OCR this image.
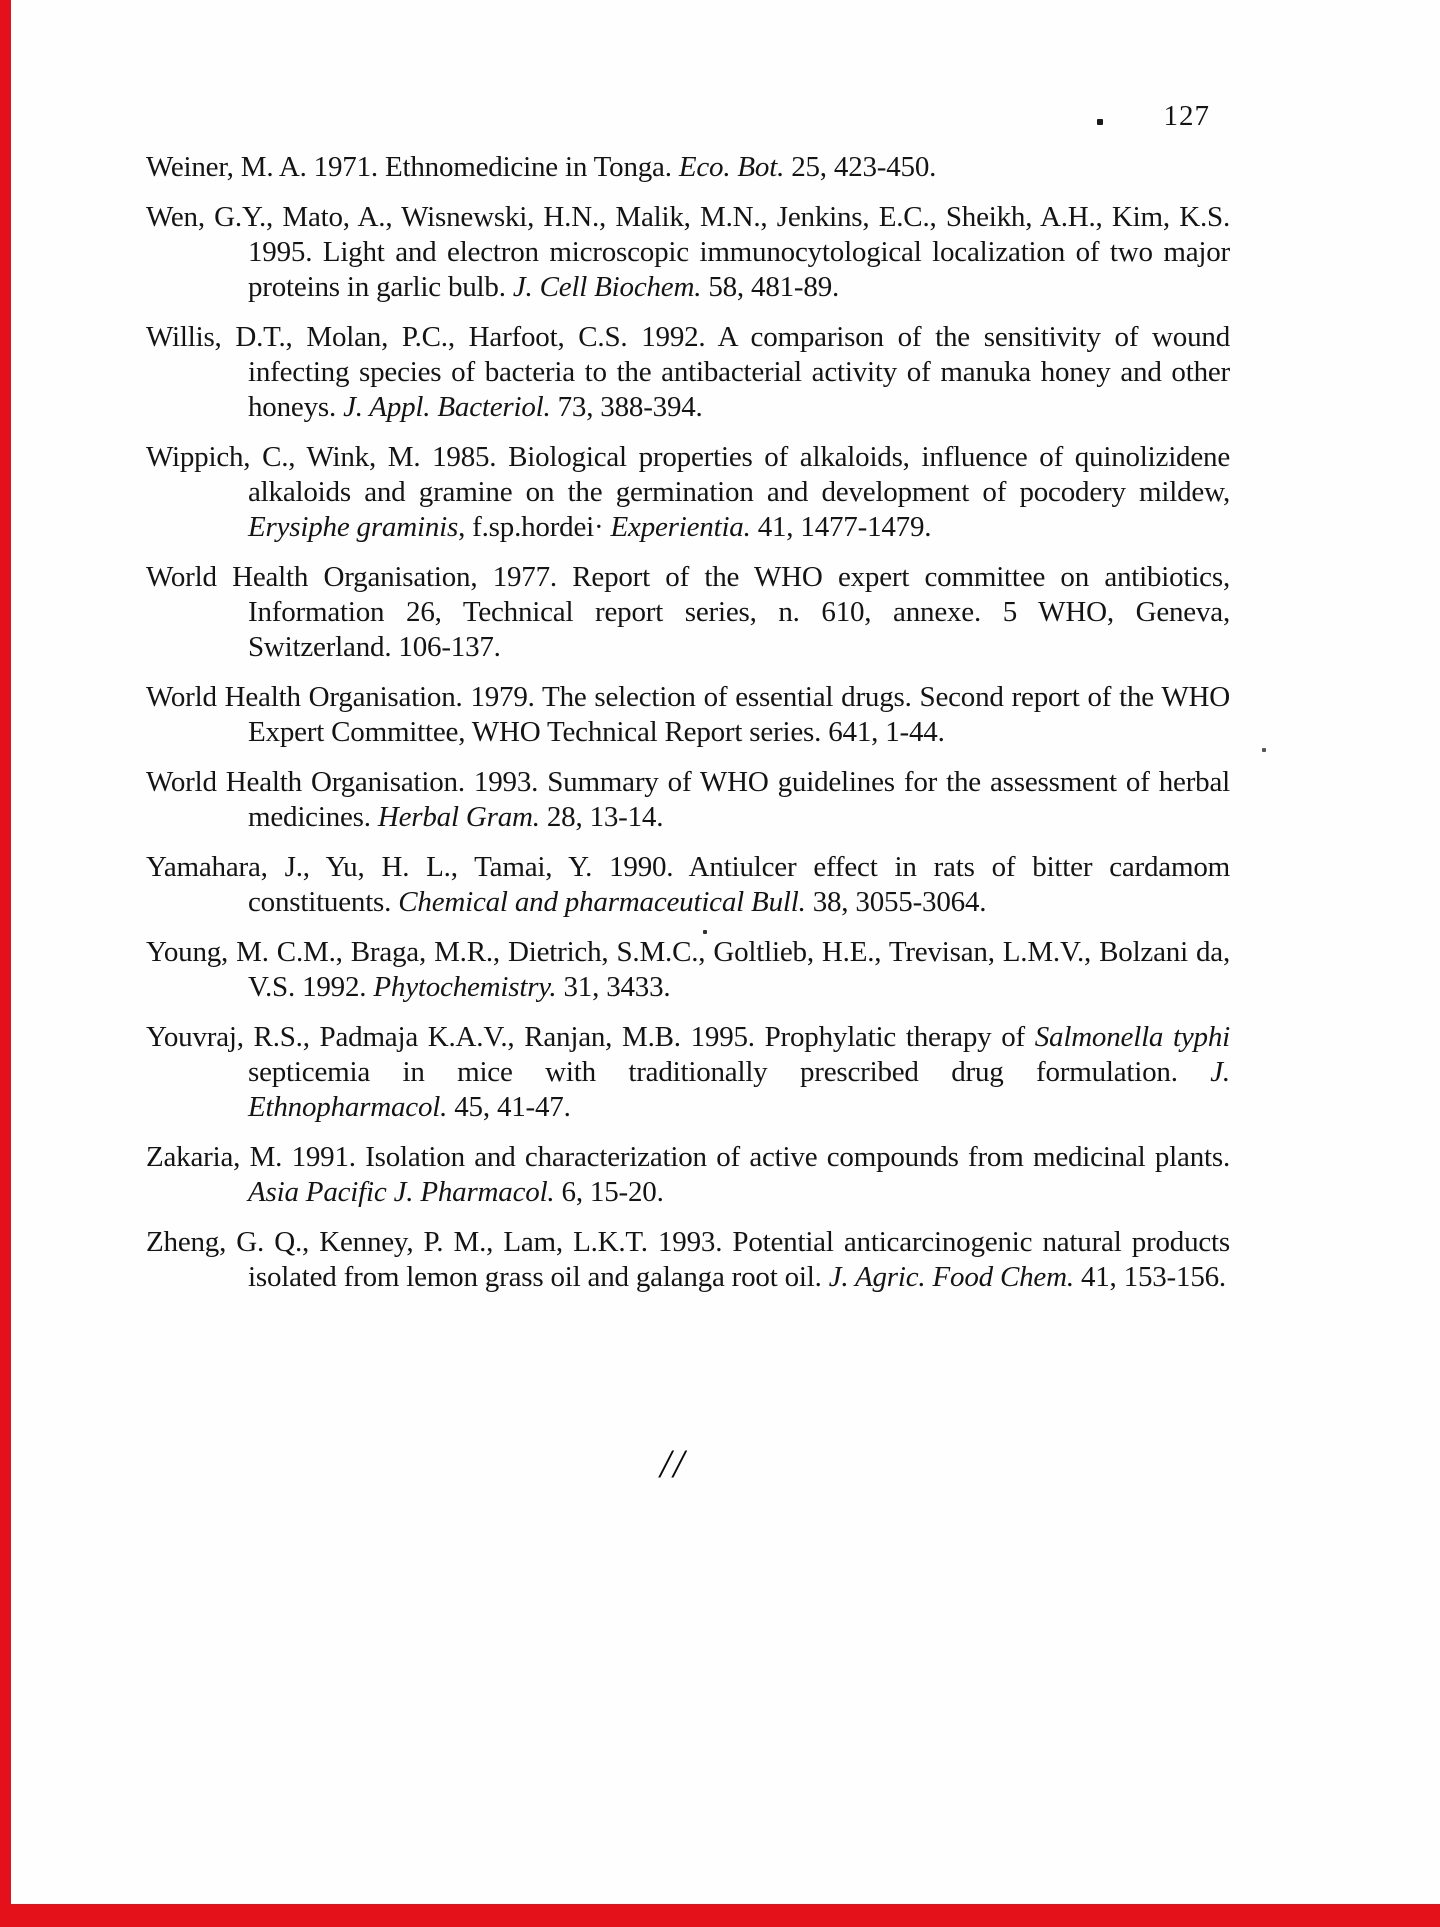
127

Weiner, M. A. 1971. Ethnomedicine in Tonga. Eco. Bot. 25, 423-450.

Wen, G.Y., Mato, A., Wisnewski, H.N., Malik, M.N., Jenkins, E.C., Sheikh, A.H., Kim, K.S. 1995. Light and electron microscopic immunocytological localization of two major proteins in garlic bulb. J. Cell Biochem. 58, 481-89.

Willis, D.T., Molan, P.C., Harfoot, C.S. 1992. A comparison of the sensitivity of wound infecting species of bacteria to the antibacterial activity of manuka honey and other honeys. J. Appl. Bacteriol. 73, 388-394.

Wippich, C., Wink, M. 1985. Biological properties of alkaloids, influence of quinolizidene alkaloids and gramine on the germination and development of pocodery mildew, Erysiphe graminis, f.sp.hordei· Experientia. 41, 1477-1479.

World Health Organisation, 1977. Report of the WHO expert committee on antibiotics, Information 26, Technical report series, n. 610, annexe. 5 WHO, Geneva, Switzerland. 106-137.

World Health Organisation. 1979. The selection of essential drugs. Second report of the WHO Expert Committee, WHO Technical Report series. 641, 1-44.

World Health Organisation. 1993. Summary of WHO guidelines for the assessment of herbal medicines. Herbal Gram. 28, 13-14.

Yamahara, J., Yu, H. L., Tamai, Y. 1990. Antiulcer effect in rats of bitter cardamom constituents. Chemical and pharmaceutical Bull. 38, 3055-3064.

Young, M. C.M., Braga, M.R., Dietrich, S.M.C., Goltlieb, H.E., Trevisan, L.M.V., Bolzani da, V.S. 1992. Phytochemistry. 31, 3433.

Youvraj, R.S., Padmaja K.A.V., Ranjan, M.B. 1995. Prophylatic therapy of Salmonella typhi septicemia in mice with traditionally prescribed drug formulation. J. Ethnopharmacol. 45, 41-47.

Zakaria, M. 1991. Isolation and characterization of active compounds from medicinal plants. Asia Pacific J. Pharmacol. 6, 15-20.

Zheng, G. Q., Kenney, P. M., Lam, L.K.T. 1993. Potential anticarcinogenic natural products isolated from lemon grass oil and galanga root oil. J. Agric. Food Chem. 41, 153-156.

//
